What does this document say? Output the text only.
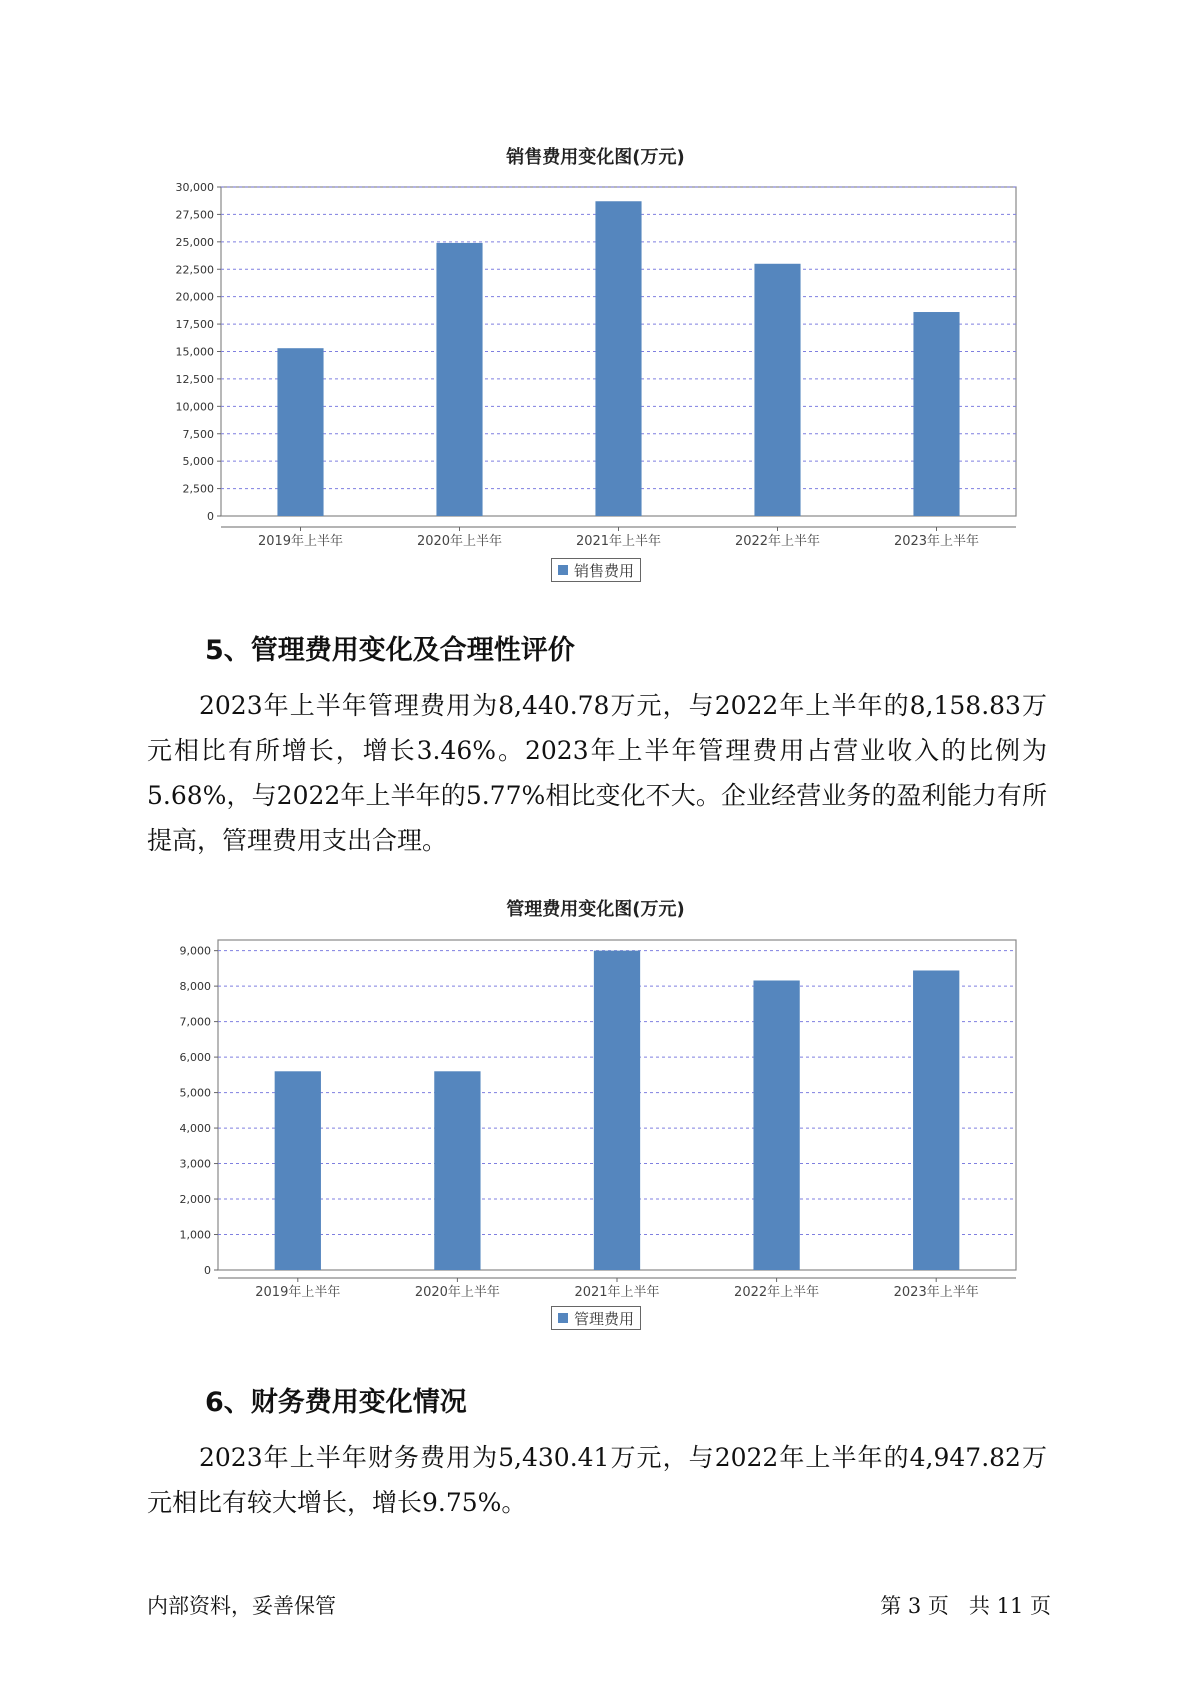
销售费用变化图(万元)
0
2,500
5,000
7,500
10,000
12,500
15,000
17,500
20,000
22,500
25,000
27,500
30,000
2019年上半年	2020年上半年	2021年上半年	2022年上半年	2023年上半年
销售费用
5、管理费用变化及合理性评价

2023年上半年管理费用为8,440.78万元，与2022年上半年的8,158.83万元相比有所增长，增长3.46%。2023年上半年管理费用占营业收入的比例为5.68%，与2022年上半年的5.77%相比变化不大。企业经营业务的盈利能力有所提高，管理费用支出合理。

管理费用变化图(万元)
0
1,000
2,000
3,000
4,000
5,000
6,000
7,000
8,000
9,000
2019年上半年	2020年上半年	2021年上半年	2022年上半年	2023年上半年
管理费用
6、财务费用变化情况

2023年上半年财务费用为5,430.41万元，与2022年上半年的4,947.82万元相比有较大增长，增长9.75%。

内部资料，妥善保管	第 3 页   共 11 页
